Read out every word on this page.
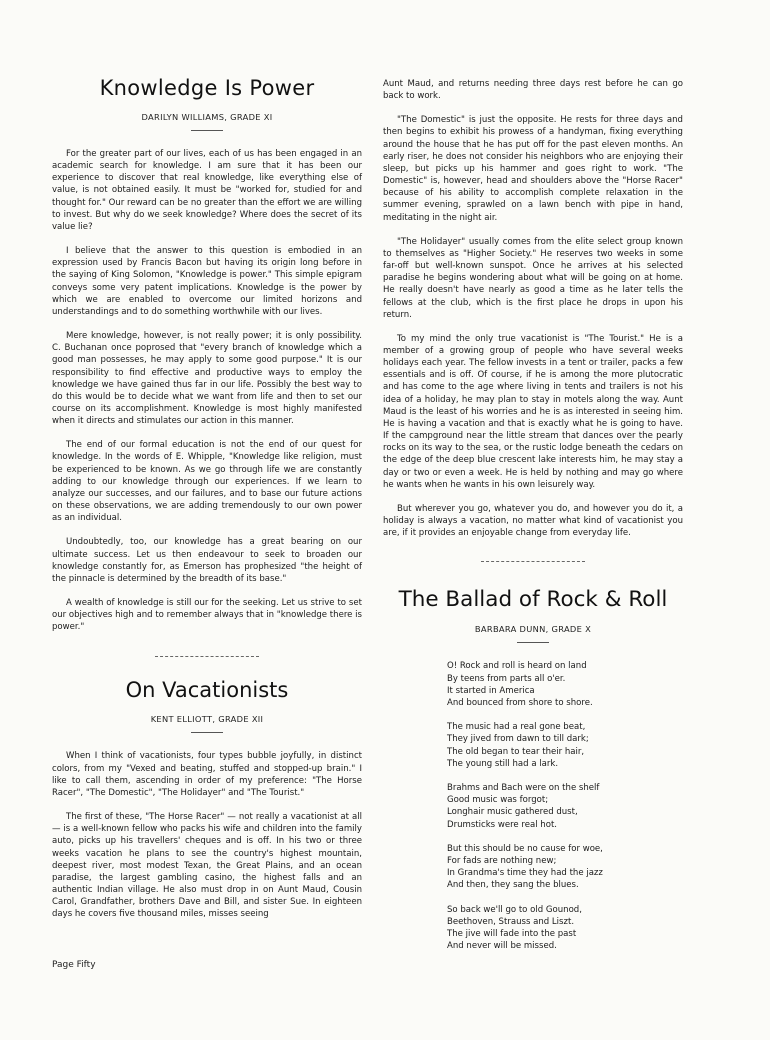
Knowledge Is Power

DARILYN WILLIAMS, GRADE XI

For the greater part of our lives, each of us has been engaged in an academic search for knowledge. I am sure that it has been our experience to discover that real knowledge, like everything else of value, is not obtained easily. It must be "worked for, studied for and thought for." Our reward can be no greater than the effort we are willing to invest. But why do we seek knowledge? Where does the secret of its value lie?

I believe that the answer to this question is embodied in an expression used by Francis Bacon but having its origin long before in the saying of King Solomon, "Knowledge is power." This simple epigram conveys some very patent implications. Knowledge is the power by which we are enabled to overcome our limited horizons and understandings and to do something worthwhile with our lives.

Mere knowledge, however, is not really power; it is only possibility. C. Buchanan once poprosed that "every branch of knowledge which a good man possesses, he may apply to some good purpose." It is our responsibility to find effective and productive ways to employ the knowledge we have gained thus far in our life. Possibly the best way to do this would be to decide what we want from life and then to set our course on its accomplishment. Knowledge is most highly manifested when it directs and stimulates our action in this manner.

The end of our formal education is not the end of our quest for knowledge. In the words of E. Whipple, "Knowledge like religion, must be experienced to be known. As we go through life we are constantly adding to our knowledge through our experiences. If we learn to analyze our successes, and our failures, and to base our future actions on these observations, we are adding tremendously to our own power as an individual.

Undoubtedly, too, our knowledge has a great bearing on our ultimate success. Let us then endeavour to seek to broaden our knowledge constantly for, as Emerson has prophesized "the height of the pinnacle is determined by the breadth of its base."

A wealth of knowledge is still our for the seeking. Let us strive to set our objectives high and to remember always that in "knowledge there is power."

On Vacationists

KENT ELLIOTT, GRADE XII

When I think of vacationists, four types bubble joyfully, in distinct colors, from my "Vexed and beating, stuffed and stopped-up brain." I like to call them, ascending in order of my preference: "The Horse Racer", "The Domestic", "The Holidayer" and "The Tourist."

The first of these, "The Horse Racer" — not really a vacationist at all — is a well-known fellow who packs his wife and children into the family auto, picks up his travellers' cheques and is off. In his two or three weeks vacation he plans to see the country's highest mountain, deepest river, most modest Texan, the Great Plains, and an ocean paradise, the largest gambling casino, the highest falls and an authentic Indian village. He also must drop in on Aunt Maud, Cousin Carol, Grandfather, brothers Dave and Bill, and sister Sue. In eighteen days he covers five thousand miles, misses seeing

Aunt Maud, and returns needing three days rest before he can go back to work.

"The Domestic" is just the opposite. He rests for three days and then begins to exhibit his prowess of a handyman, fixing everything around the house that he has put off for the past eleven months. An early riser, he does not consider his neighbors who are enjoying their sleep, but picks up his hammer and goes right to work. "The Domestic" is, however, head and shoulders above the "Horse Racer" because of his ability to accomplish complete relaxation in the summer evening, sprawled on a lawn bench with pipe in hand, meditating in the night air.

"The Holidayer" usually comes from the elite select group known to themselves as "Higher Society." He reserves two weeks in some far-off but well-known sunspot. Once he arrives at his selected paradise he begins wondering about what will be going on at home. He really doesn't have nearly as good a time as he later tells the fellows at the club, which is the first place he drops in upon his return.

To my mind the only true vacationist is "The Tourist." He is a member of a growing group of people who have several weeks holidays each year. The fellow invests in a tent or trailer, packs a few essentials and is off. Of course, if he is among the more plutocratic and has come to the age where living in tents and trailers is not his idea of a holiday, he may plan to stay in motels along the way. Aunt Maud is the least of his worries and he is as interested in seeing him. He is having a vacation and that is exactly what he is going to have. If the campground near the little stream that dances over the pearly rocks on its way to the sea, or the rustic lodge beneath the cedars on the edge of the deep blue crescent lake interests him, he may stay a day or two or even a week. He is held by nothing and may go where he wants when he wants in his own leisurely way.

But wherever you go, whatever you do, and however you do it, a holiday is always a vacation, no matter what kind of vacationist you are, if it provides an enjoyable change from everyday life.

The Ballad of Rock & Roll

BARBARA DUNN, GRADE X

O! Rock and roll is heard on land
By teens from parts all o'er.
It started in America
And bounced from shore to shore.
The music had a real gone beat,
They jived from dawn to till dark;
The old began to tear their hair,
The young still had a lark.
Brahms and Bach were on the shelf
Good music was forgot;
Longhair music gathered dust,
Drumsticks were real hot.
But this should be no cause for woe,
For fads are nothing new;
In Grandma's time they had the jazz
And then, they sang the blues.
So back we'll go to old Gounod,
Beethoven, Strauss and Liszt.
The jive will fade into the past
And never will be missed.
Page Fifty
